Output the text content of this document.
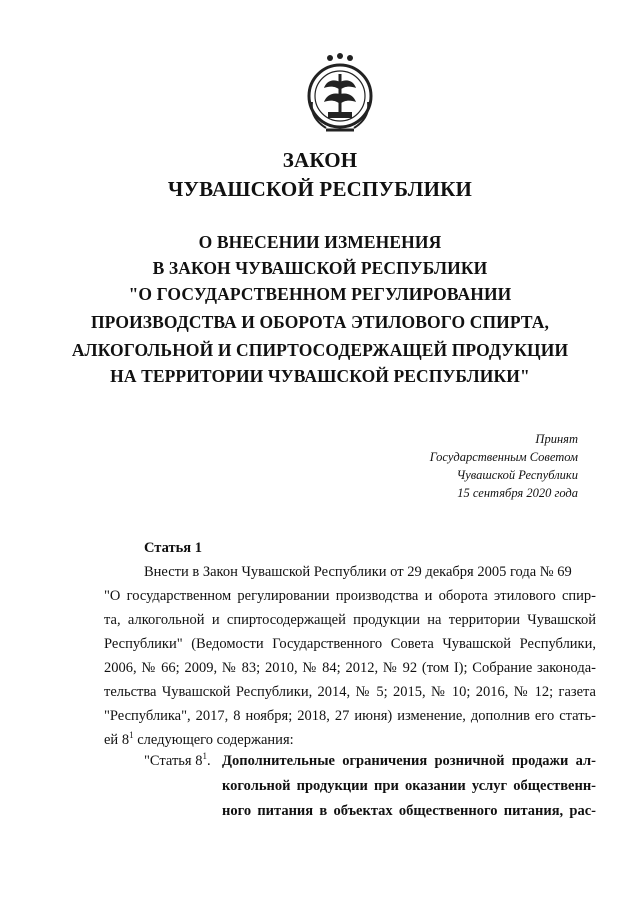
ЗАКОН
ЧУВАШСКОЙ РЕСПУБЛИКИ
О ВНЕСЕНИИ ИЗМЕНЕНИЯ
В ЗАКОН ЧУВАШСКОЙ РЕСПУБЛИКИ
"О ГОСУДАРСТВЕННОМ РЕГУЛИРОВАНИИ
ПРОИЗВОДСТВА И ОБОРОТА ЭТИЛОВОГО СПИРТА,
АЛКОГОЛЬНОЙ И СПИРТОСОДЕРЖАЩЕЙ ПРОДУКЦИИ
НА ТЕРРИТОРИИ ЧУВАШСКОЙ РЕСПУБЛИКИ"
Принят
Государственным Советом
Чувашской Республики
15 сентября 2020 года
Статья 1
Внести в Закон Чувашской Республики от 29 декабря 2005 года № 69
"О государственном регулировании производства и оборота этилового спир-
та, алкогольной и спиртосодержащей продукции на территории Чувашской
Республики" (Ведомости Государственного Совета Чувашской Республики,
2006, № 66; 2009, № 83; 2010, № 84; 2012, № 92 (том I); Собрание законода-
тельства Чувашской Республики, 2014, № 5; 2015, № 10; 2016, № 12; газета
"Республика", 2017, 8 ноября; 2018, 27 июня) изменение, дополнив его стать-
ей $8^1$ следующего содержания:
"Статья $8^1$. Дополнительные ограничения розничной продажи ал-
когольной продукции при оказании услуг общественн-
ного питания в объектах общественного питания, рас-
